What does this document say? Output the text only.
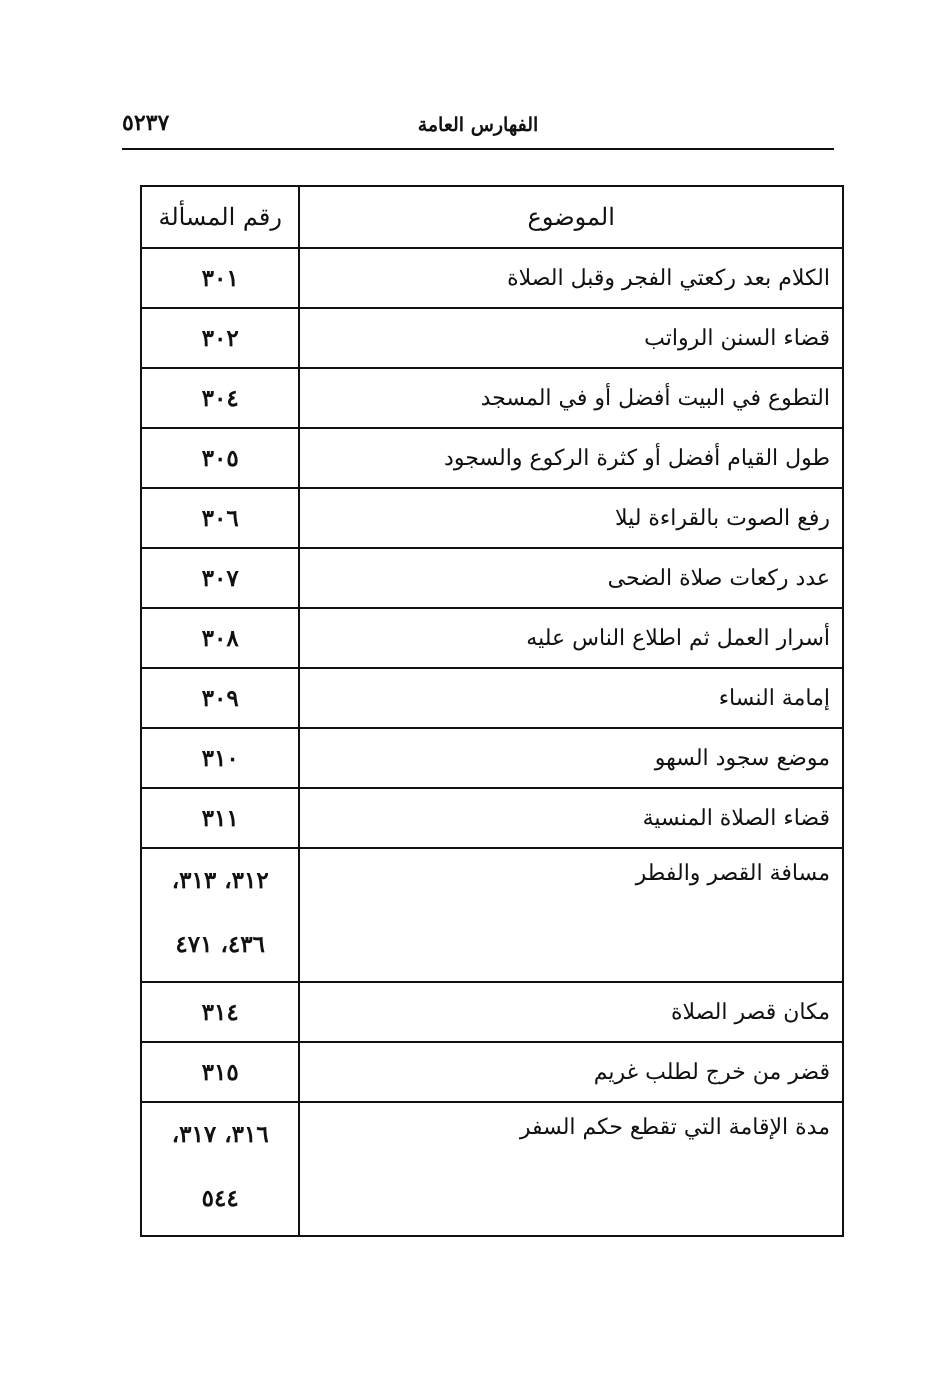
الفهارس العامة
٥٢٣٧
الموضوع	رقم المسألة
الكلام بعد ركعتي الفجر وقبل الصلاة	٣٠١
قضاء السنن الرواتب	٣٠٢
التطوع في البيت أفضل أو في المسجد	٣٠٤
طول القيام أفضل أو كثرة الركوع والسجود	٣٠٥
رفع الصوت بالقراءة ليلا	٣٠٦
عدد ركعات صلاة الضحى	٣٠٧
أسرار العمل ثم اطلاع الناس عليه	٣٠٨
إمامة النساء	٣٠٩
موضع سجود السهو	٣١٠
قضاء الصلاة المنسية	٣١١
مسافة القصر والفطر	٣١٢، ٣١٣، ٤٣٦، ٤٧١
مكان قصر الصلاة	٣١٤
قضر من خرج لطلب غريم	٣١٥
مدة الإقامة التي تقطع حكم السفر	٣١٦، ٣١٧، ٥٤٤
